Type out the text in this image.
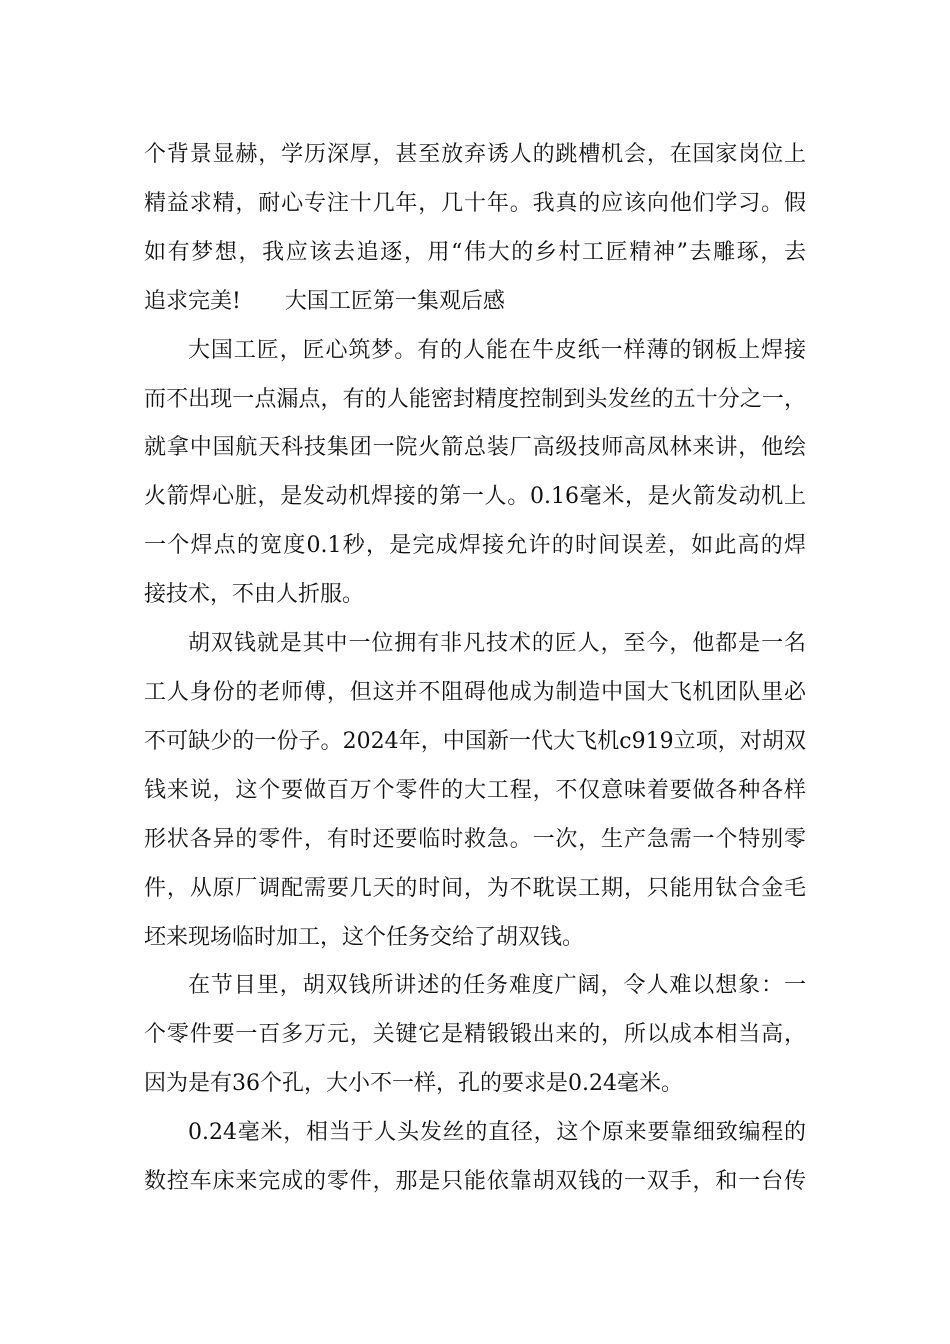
个背景显赫，学历深厚，甚至放弃诱人的跳槽机会，在国家岗位上
精益求精，耐心专注十几年，几十年。我真的应该向他们学习。假
如有梦想，我应该去追逐，用“伟大的乡村工匠精神”去雕琢，去
追求完美! 大国工匠第一集观后感

大国工匠，匠心筑梦。有的人能在牛皮纸一样薄的钢板上焊接
而不出现一点漏点，有的人能密封精度控制到头发丝的五十分之一，
就拿中国航天科技集团一院火箭总装厂高级技师高凤林来讲，他绘
火箭焊心脏，是发动机焊接的第一人。0.16毫米，是火箭发动机上
一个焊点的宽度0.1秒，是完成焊接允许的时间误差，如此高的焊
接技术，不由人折服。

胡双钱就是其中一位拥有非凡技术的匠人，至今，他都是一名
工人身份的老师傅，但这并不阻碍他成为制造中国大飞机团队里必
不可缺少的一份子。2024年，中国新一代大飞机c919立项，对胡双
钱来说，这个要做百万个零件的大工程，不仅意味着要做各种各样
形状各异的零件，有时还要临时救急。一次，生产急需一个特别零
件，从原厂调配需要几天的时间，为不耽误工期，只能用钛合金毛
坯来现场临时加工，这个任务交给了胡双钱。

在节目里，胡双钱所讲述的任务难度广阔，令人难以想象：一
个零件要一百多万元，关键它是精锻锻出来的，所以成本相当高，
因为是有36个孔，大小不一样，孔的要求是0.24毫米。

0.24毫米，相当于人头发丝的直径，这个原来要靠细致编程的
数控车床来完成的零件，那是只能依靠胡双钱的一双手，和一台传
